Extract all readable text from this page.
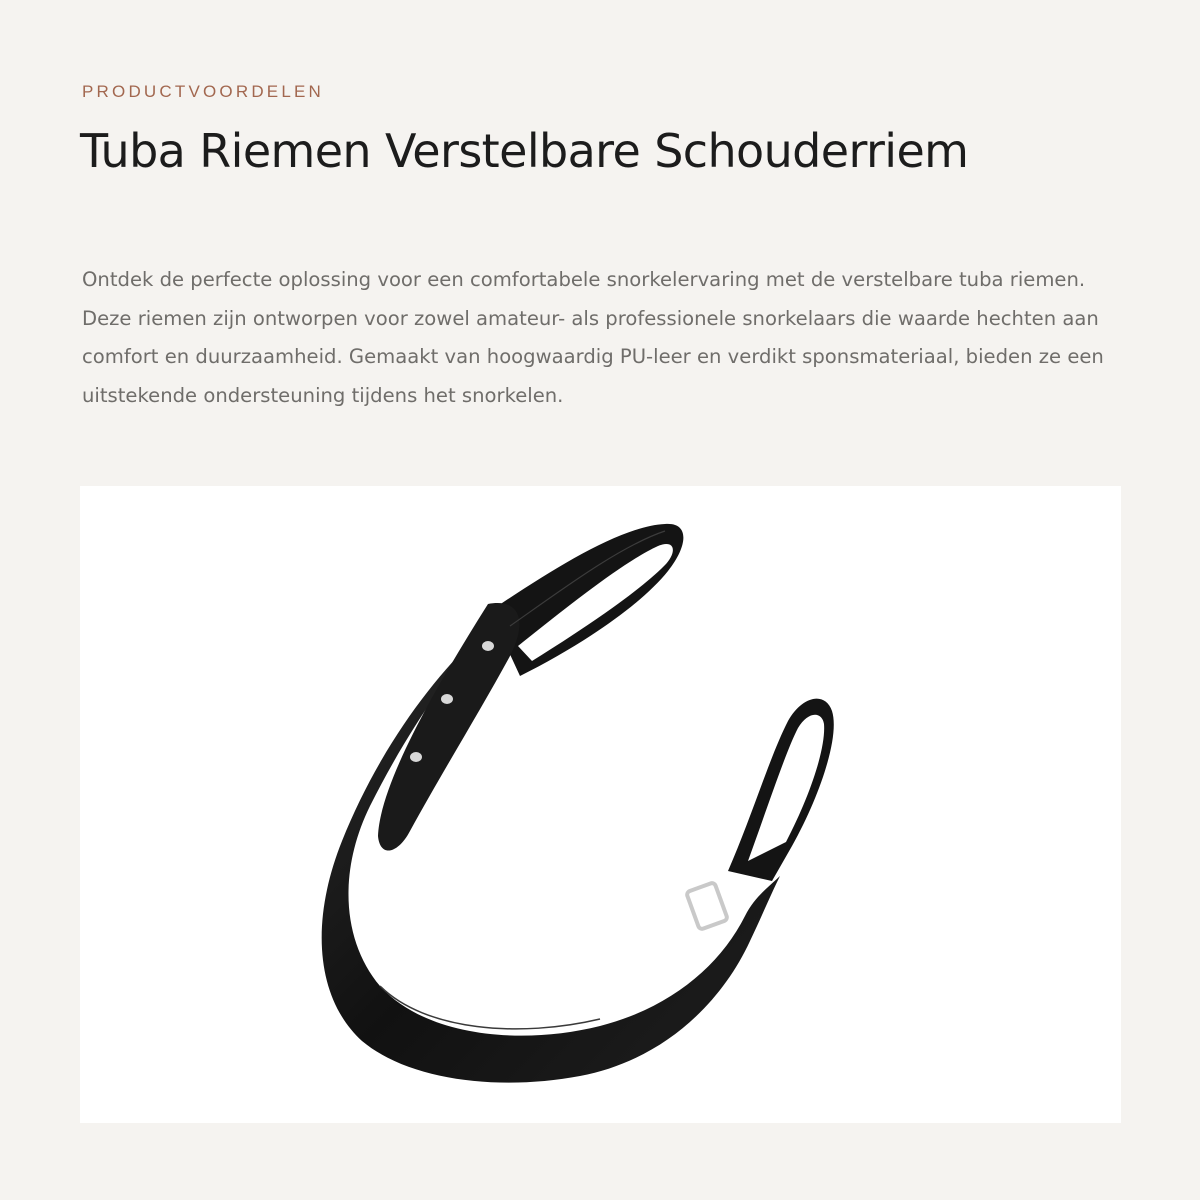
PRODUCTVOORDELEN
Tuba Riemen Verstelbare Schouderriem

Ontdek de perfecte oplossing voor een comfortabele snorkelervaring met de verstelbare tuba riemen. Deze riemen zijn ontworpen voor zowel amateur- als professionele snorkelaars die waarde hechten aan comfort en duurzaamheid. Gemaakt van hoogwaardig PU-leer en verdikt sponsmateriaal, bieden ze een uitstekende ondersteuning tijdens het snorkelen.
